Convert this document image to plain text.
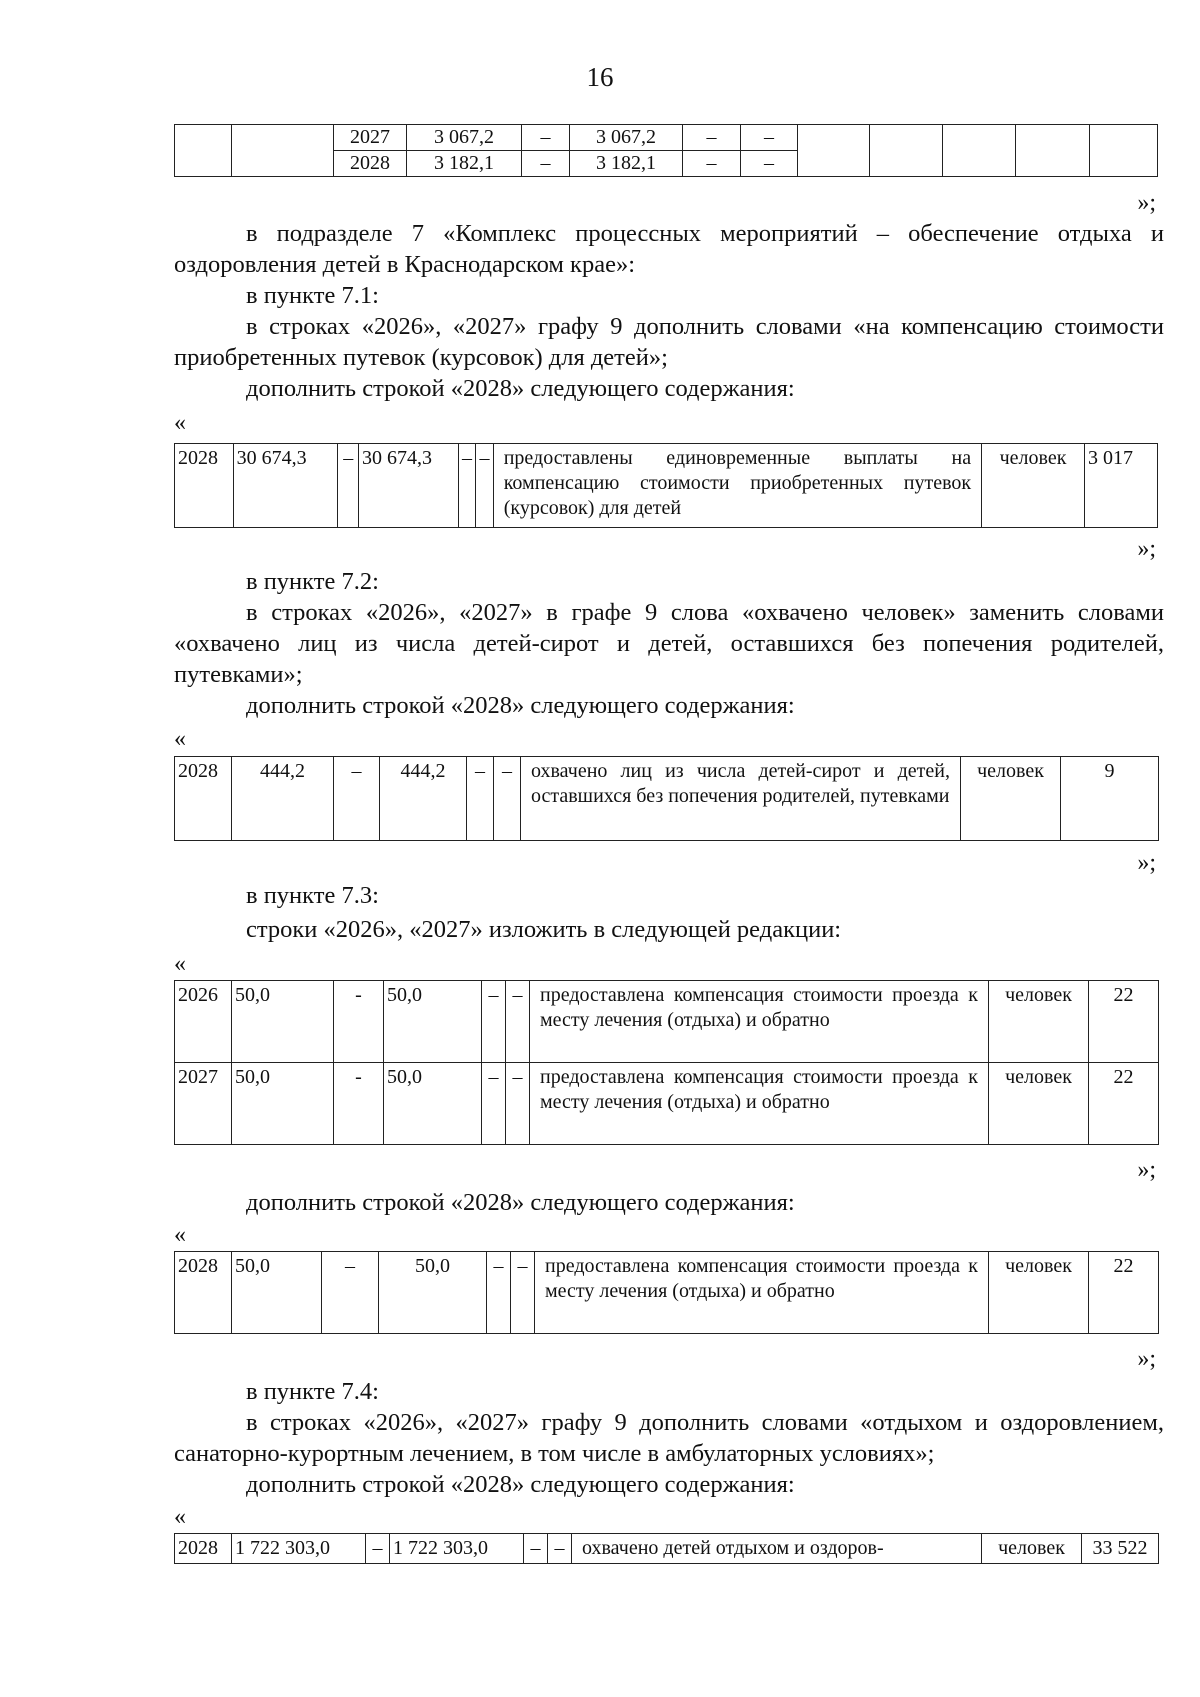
16
		2027	3 067,2	–	3 067,2	–	–					
		2028	3 182,1	–	3 182,1	–	–					
»;

в подразделе 7 «Комплекс процессных мероприятий – обеспечение отдыха и оздоровления детей в Краснодарском крае»:

в пункте 7.1:

в строках «2026», «2027» графу 9 дополнить словами «на компенсацию стоимости приобретенных путевок (курсовок) для детей»;

дополнить строкой «2028» следующего содержания:

«
2028	30 674,3	–	30 674,3	–	–	предоставлены единовременные выплаты на компенсацию стоимости приобретенных путевок (курсовок) для детей	человек	3 017
»;

в пункте 7.2:

в строках «2026», «2027» в графе 9 слова «охвачено человек» заменить словами «охвачено лиц из числа детей-сирот и детей, оставшихся без попечения родителей, путевками»;

дополнить строкой «2028» следующего содержания:

«
2028	444,2	–	444,2	–	–	охвачено лиц из числа детей-сирот и детей, оставшихся без попечения родителей, путевками	человек	9
»;

в пункте 7.3:

строки «2026», «2027» изложить в следующей редакции:

«
2026	50,0	-	50,0	–	–	предоставлена компенсация стоимости проезда к месту лечения (отдыха) и обратно	человек	22
2027	50,0	-	50,0	–	–	предоставлена компенсация стоимости проезда к месту лечения (отдыха) и обратно	человек	22
»;

дополнить строкой «2028» следующего содержания:

«
2028	50,0	–	50,0	–	–	предоставлена компенсация стоимости проезда к месту лечения (отдыха) и обратно	человек	22
»;

в пункте 7.4:

в строках «2026», «2027» графу 9 дополнить словами «отдыхом и оздоровлением, санаторно-курортным лечением, в том числе в амбулаторных условиях»;

дополнить строкой «2028» следующего содержания:

«
2028	1 722 303,0	–	1 722 303,0	–	–	охвачено детей отдыхом и оздоров-	человек	33 522
